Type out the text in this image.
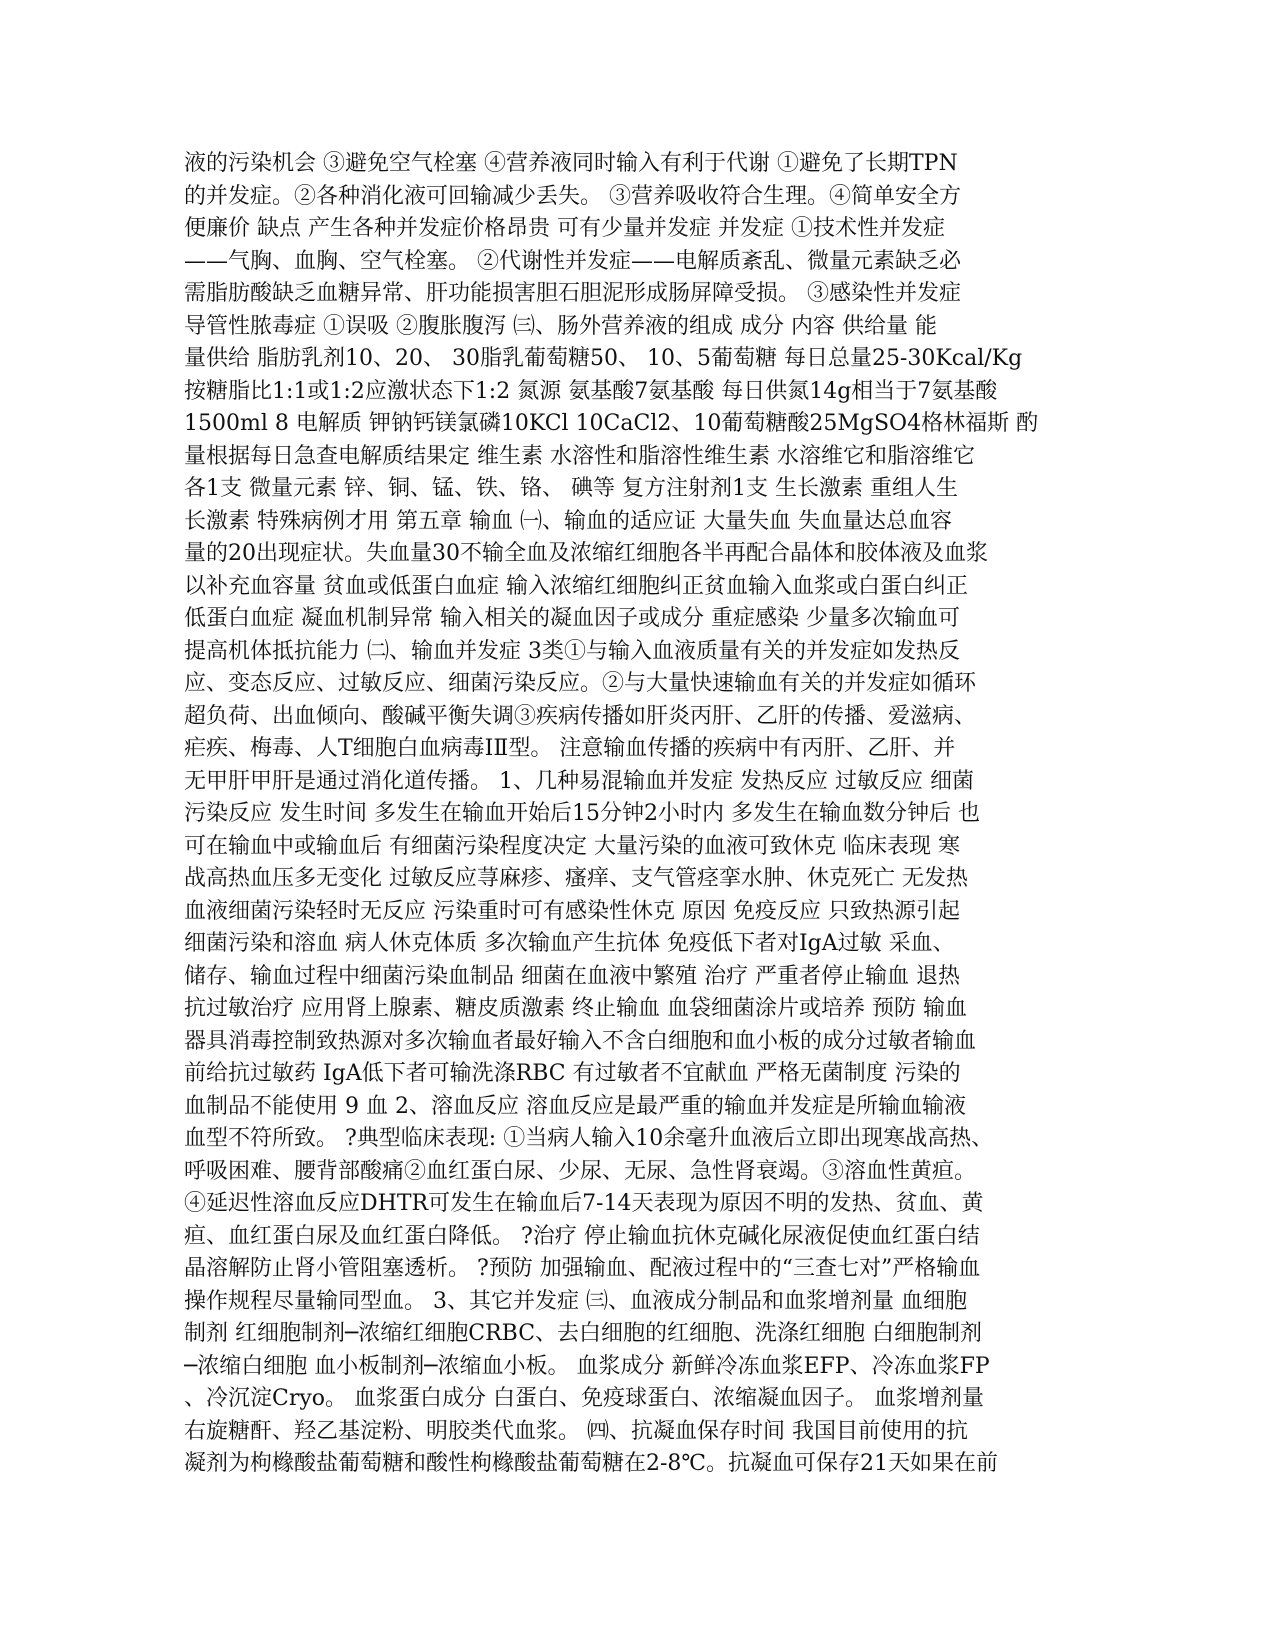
液的污染机会 ③避免空气栓塞 ④营养液同时输入有利于代谢 ①避免了长期TPN
的并发症。②各种消化液可回输减少丢失。 ③营养吸收符合生理。④简单安全方
便廉价 缺点 产生各种并发症价格昂贵 可有少量并发症 并发症 ①技术性并发症
——气胸、血胸、空气栓塞。 ②代谢性并发症——电解质紊乱、微量元素缺乏必
需脂肪酸缺乏血糖异常、肝功能损害胆石胆泥形成肠屏障受损。 ③感染性并发症
导管性脓毒症 ①误吸 ②腹胀腹泻 ㈢、肠外营养液的组成 成分 内容 供给量 能
量供给 脂肪乳剂10、20、 30脂乳葡萄糖50、 10、5葡萄糖 每日总量25-30Kcal/Kg
按糖脂比1:1或1:2应激状态下1:2 氮源 氨基酸7氨基酸 每日供氮14g相当于7氨基酸
1500ml 8 电解质 钾钠钙镁氯磷10KCl 10CaCl2、10葡萄糖酸25MgSO4格林福斯 酌
量根据每日急查电解质结果定 维生素 水溶性和脂溶性维生素 水溶维它和脂溶维它
各1支 微量元素 锌、铜、锰、铁、铬、 碘等 复方注射剂1支 生长激素 重组人生
长激素 特殊病例才用 第五章 输血 ㈠、输血的适应证 大量失血 失血量达总血容
量的20出现症状。失血量30不输全血及浓缩红细胞各半再配合晶体和胶体液及血浆
以补充血容量 贫血或低蛋白血症 输入浓缩红细胞纠正贫血输入血浆或白蛋白纠正
低蛋白血症 凝血机制异常 输入相关的凝血因子或成分 重症感染 少量多次输血可
提高机体抵抗能力 ㈡、输血并发症 3类①与输入血液质量有关的并发症如发热反
应、变态反应、过敏反应、细菌污染反应。②与大量快速输血有关的并发症如循环
超负荷、出血倾向、酸碱平衡失调③疾病传播如肝炎丙肝、乙肝的传播、爱滋病、
疟疾、梅毒、人T细胞白血病毒ⅠⅡ型。 注意输血传播的疾病中有丙肝、乙肝、并
无甲肝甲肝是通过消化道传播。 1、几种易混输血并发症 发热反应 过敏反应 细菌
污染反应 发生时间 多发生在输血开始后15分钟2小时内 多发生在输血数分钟后 也
可在输血中或输血后 有细菌污染程度决定 大量污染的血液可致休克 临床表现 寒
战高热血压多无变化 过敏反应荨麻疹、瘙痒、支气管痉挛水肿、休克死亡 无发热
血液细菌污染轻时无反应 污染重时可有感染性休克 原因 免疫反应 只致热源引起
细菌污染和溶血 病人休克体质 多次输血产生抗体 免疫低下者对IgA过敏 采血、
储存、输血过程中细菌污染血制品 细菌在血液中繁殖 治疗 严重者停止输血 退热
抗过敏治疗 应用肾上腺素、糖皮质激素 终止输血 血袋细菌涂片或培养 预防 输血
器具消毒控制致热源对多次输血者最好输入不含白细胞和血小板的成分过敏者输血
前给抗过敏药 IgA低下者可输洗涤RBC 有过敏者不宜献血 严格无菌制度 污染的
血制品不能使用 9 血 2、溶血反应 溶血反应是最严重的输血并发症是所输血输液
血型不符所致。 ?典型临床表现: ①当病人输入10余毫升血液后立即出现寒战高热、
呼吸困难、腰背部酸痛②血红蛋白尿、少尿、无尿、急性肾衰竭。③溶血性黄疸。
④延迟性溶血反应DHTR可发生在输血后7-14天表现为原因不明的发热、贫血、黄
疸、血红蛋白尿及血红蛋白降低。 ?治疗 停止输血抗休克碱化尿液促使血红蛋白结
晶溶解防止肾小管阻塞透析。 ?预防 加强输血、配液过程中的“三查七对”严格输血
操作规程尽量输同型血。 3、其它并发症 ㈢、血液成分制品和血浆增剂量 血细胞
制剂 红细胞制剂─浓缩红细胞CRBC、去白细胞的红细胞、洗涤红细胞 白细胞制剂
─浓缩白细胞 血小板制剂─浓缩血小板。 血浆成分 新鲜冷冻血浆EFP、冷冻血浆FP
、冷沉淀Cryo。 血浆蛋白成分 白蛋白、免疫球蛋白、浓缩凝血因子。 血浆增剂量
右旋糖酐、羟乙基淀粉、明胶类代血浆。 ㈣、抗凝血保存时间 我国目前使用的抗
凝剂为枸橼酸盐葡萄糖和酸性枸橼酸盐葡萄糖在2-8℃。抗凝血可保存21天如果在前
